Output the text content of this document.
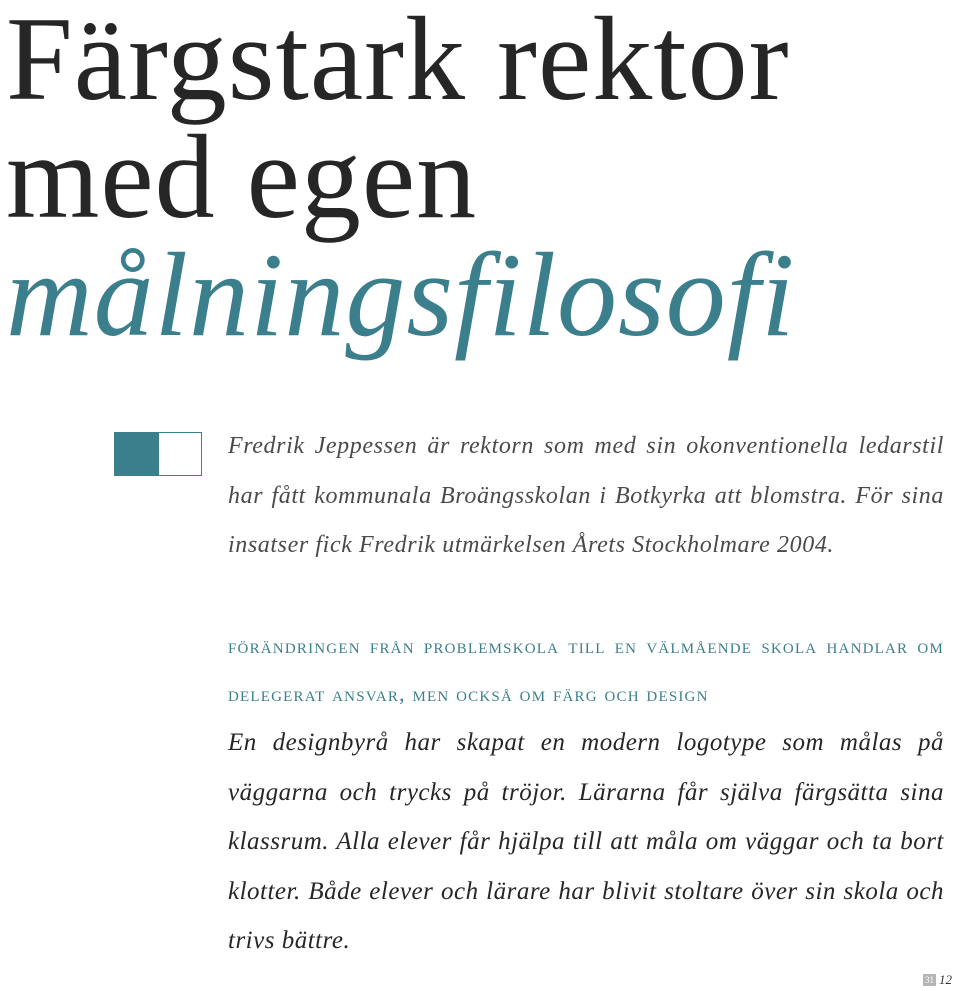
Färgstark rektor
med egen
målningsfilosofi

Fredrik Jeppessen är rektorn som med sin okonventionella ledarstil har fått kommunala Broängsskolan i Botkyrka att blomstra. För sina insatser fick Fredrik utmärkelsen Årets Stockholmare 2004.

förändringen från problemskola till en välmående skola handlar om delegerat ansvar, men också om färg och design

En designbyrå har skapat en modern logotype som målas på väggarna och trycks på tröjor. Lärarna får själva färgsätta sina klassrum. Alla elever får hjälpa till att måla om väggar och ta bort klotter. Både elever och lärare har blivit stoltare över sin skola och trivs bättre.

31 12
